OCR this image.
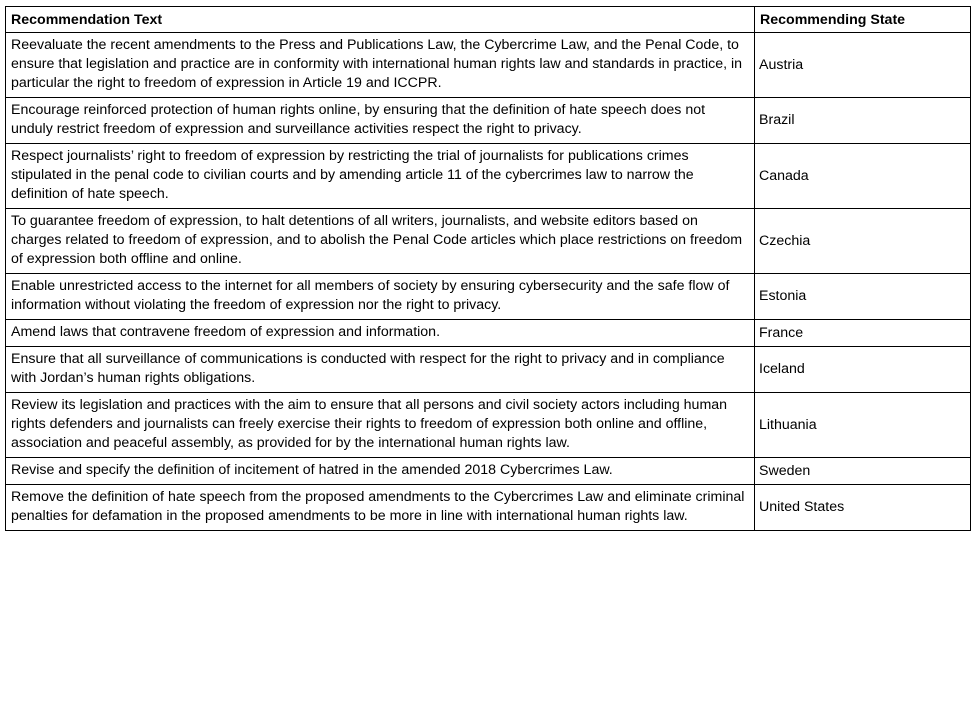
Recommendation Text	Recommending State
Reevaluate the recent amendments to the Press and Publications Law, the Cybercrime Law, and the Penal Code, to ensure that legislation and practice are in conformity with international human rights law and standards in practice, in particular the right to freedom of expression in Article 19 and ICCPR.	Austria
Encourage reinforced protection of human rights online, by ensuring that the definition of hate speech does not unduly restrict freedom of expression and surveillance activities respect the right to privacy.	Brazil
Respect journalists’ right to freedom of expression by restricting the trial of journalists for publications crimes stipulated in the penal code to civilian courts and by amending article 11 of the cybercrimes law to narrow the definition of hate speech.	Canada
To guarantee freedom of expression, to halt detentions of all writers, journalists, and website editors based on charges related to freedom of expression, and to abolish the Penal Code articles which place restrictions on freedom of expression both offline and online.	Czechia
Enable unrestricted access to the internet for all members of society by ensuring cybersecurity and the safe flow of information without violating the freedom of expression nor the right to privacy.	Estonia
Amend laws that contravene freedom of expression and information.	France
Ensure that all surveillance of communications is conducted with respect for the right to privacy and in compliance with Jordan’s human rights obligations.	Iceland
Review its legislation and practices with the aim to ensure that all persons and civil society actors including human rights defenders and journalists can freely exercise their rights to freedom of expression both online and offline, association and peaceful assembly, as provided for by the international human rights law.	Lithuania
Revise and specify the definition of incitement of hatred in the amended 2018 Cybercrimes Law.	Sweden
Remove the definition of hate speech from the proposed amendments to the Cybercrimes Law and eliminate criminal penalties for defamation in the proposed amendments to be more in line with international human rights law.	United States
